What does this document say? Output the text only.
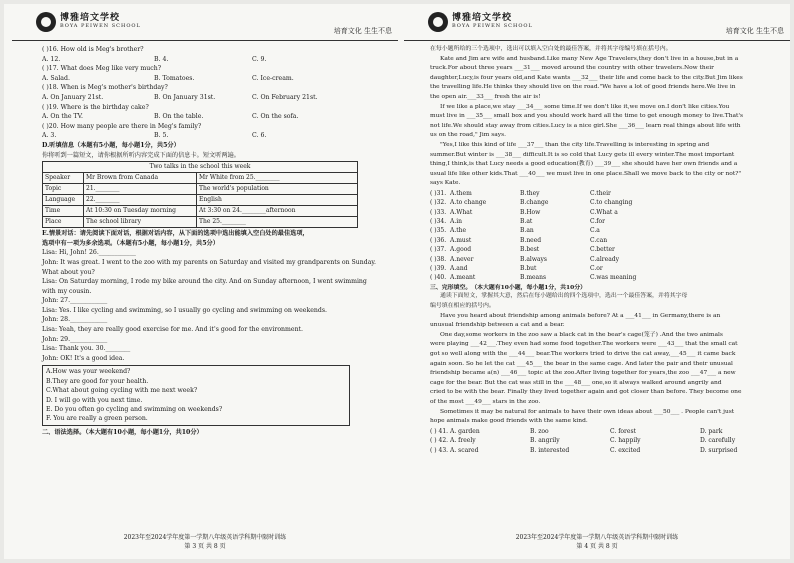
博雅培文学校
BOYA PEIWEN SCHOOL
培育文化 生生不息
( )16. How old is Meg's brother?
A. 12.	B. 4.	C. 9.
( )17. What does Meg like very much?
A. Salad.	B. Tomatoes.	C. Ice-cream.
( )18. When is Meg's mother's birthday?
A. On January 21st.	B. On January 31st.	C. On February 21st.
( )19. Where is the birthday cake?
A. On the TV.	B. On the table.	C. On the sofa.
( )20. How many people are there in Meg's family?
A. 3.	B. 5.	C. 6.
D.听填信息（本题有5小题，每小题1分，共5分）
你将听到一篇短文，请你根据所听内容完成下面的信息卡。短文听两遍。
Two talks in the school this week		
Speaker	Mr Brown from Canada	Mr White from 25.________
Topic	21.________	The world's population
Language	22.________	English
Time	At 10:30 on Tuesday morning	At 3:30 on 24.________afternoon
Place	The school library	The 25.________
E.情景对话：请先阅读下面对话，根据对话内容，从下面的选项中选出能填入空白处的最佳选项，
选项中有一项为多余选项。（本题有5小题，每小题1分，共5分）
Lisa: Hi, John! 26.____________
John: It was great. I went to the zoo with my parents on Saturday and visited my grandparents on Sunday.
What about you?
Lisa: On Saturday morning, I rode my bike around the city. And on Sunday afternoon, I went swimming
with my cousin.
John: 27.____________
Lisa: Yes. I like cycling and swimming, so I usually go cycling and swimming on weekends.
John: 28.____________
Lisa: Yeah, they are really good exercise for me. And it's good for the environment.
John: 29.____________
Lisa: Thank you. 30.________
John: OK! It's a good idea.
A.How was your weekend?
B.They are good for your health.
C.What about going cycling with me next week?
D. I will go with you next time.
E. Do you often go cycling and swimming on weekends?
F. You are really a green person.
二、语法选择。（本大题有10小题，每小题1分，共10分）
2023年至2024学年度第一学期八年级英语学科期中限时训练
第 3 页 共 8 页
博雅培文学校
BOYA PEIWEN SCHOOL
培育文化 生生不息
在每小题所给的三个选项中，选出可以填入空白处的最佳答案，并将其字母编号填在括号内。
Kate and Jim are wife and husband.Like many New Age Travelers,they don't live in a house,but in a
truck.For about three years ___31___ moved around the country with other travelers.Now their
daughter,Lucy,is four years old,and Kate wants ___32___ their life and come back to the city.But Jim likes
the travelling life.He thinks they should live on the road."We have a lot of good friends here.We live in
the open air.___33___ fresh the air is!
If we like a place,we stay ___34___ some time.If we don't like it,we move on.I don't like cities.You
must live in ___35___ small box and you should work hard all the time to get enough money to live.That's
not life.We should stay away from cities.Lucy is a nice girl.She ___36___ learn real things about life with
us on the road," Jim says.
"Yes,I like this kind of life ___37___ than the city life.Travelling is interesting in spring and
summer.But winter is ___38___ difficult.It is so cold that Lucy gets ill every winter.The most important
thing,I think,is that Lucy needs a good education(教育) ___39___ she should have her own friends and a
usual life like other kids.That ___40___ we must live in one place.Shall we move back to the city or not?"
says Kate.
( )31. A.them	B.they	C.their
( )32. A.to change	B.change	C.to changing
( )33. A.What	B.How	C.What a
( )34. A.in	B.at	C.for
( )35. A.the	B.an	C.a
( )36. A.must	B.need	C.can
( )37. A.good	B.best	C.better
( )38. A.never	B.always	C.already
( )39. A.and	B.but	C.or
( )40. A.meant	B.means	C.was meaning
三、完形填空。（本大题有10小题，每小题1分，共10分）
通读下面短文，掌握其大意，然后在每小题给出的四个选项中，选出一个最佳答案，并将其字母
编号填在相应的括号内。
Have you heard about friendship among animals before? At a ___41___ in Germany,there is an
unusual friendship between a cat and a bear.
One day,some workers in the zoo saw a black cat in the bear's cage(笼子) .And the two animals
were playing ___42___.They even had some food together.The workers were ___43___ that the small cat
got so well along with the ___44___ bear.The workers tried to drive the cat away,___45___ it came back
again soon. So he let the cat ___45___ the bear in the same cage. And later the pair and their unusual
friendship became a(n) ___46___ topic at the zoo.After living together for years,the zoo ___47___ a new
cage for the bear. But the cat was still in the ___48___ one,so it always walked around angrily and
cried to be with the bear. Finally they lived together again and got closer than before. They become one
of the most ___49___ stars in the zoo.
Sometimes it may be natural for animals to have their own ideas about ___50___ . People can't just
hope animals make good friends with the same kind.
( ) 41. A. garden	B. zoo	C. forest	D. park
( ) 42. A. freely	B. angrily	C. happily	D. carefully
( ) 43. A. scared	B. interested	C. excited	D. surprised
2023年至2024学年度第一学期八年级英语学科期中限时训练
第 4 页 共 8 页
